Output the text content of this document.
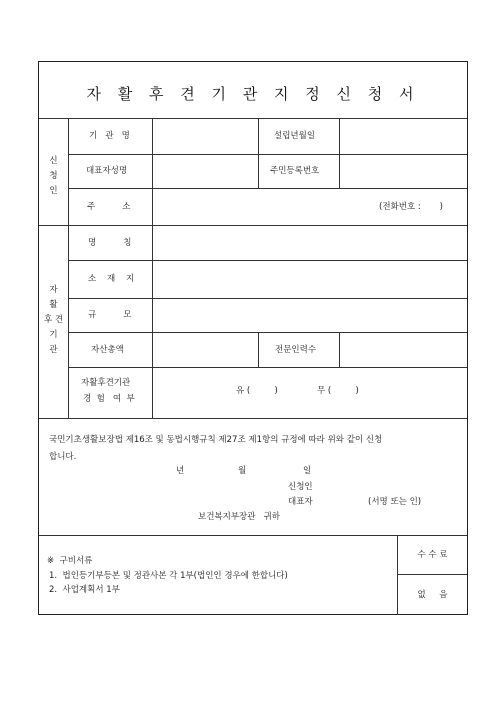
자 활 후 견 기 관 지 정 신 청 서
신
청
인
기   관   명	설립년월일
대표자성명	주민등록번호
주          소	(전화번호 :       )
자
활
후 견
기
관
명          칭
소    재    지
규          모
자산총액	전문인력수
자활후견기관
경  험   여  부
유 (         )	무 (         )
국민기초생활보장법 제16조 및 동법시행규칙 제27조 제1항의 규정에 따라 위와 같이 신청
합니다.
년	월	일
신청인
대표자	(서명 또는 인)
보건복지부장관   귀하
※  구비서류
1.  법인등기부등본 및 정관사본 각 1부(법인인 경우에 한합니다)
2.  사업계획서 1부
수 수 료
없     음
